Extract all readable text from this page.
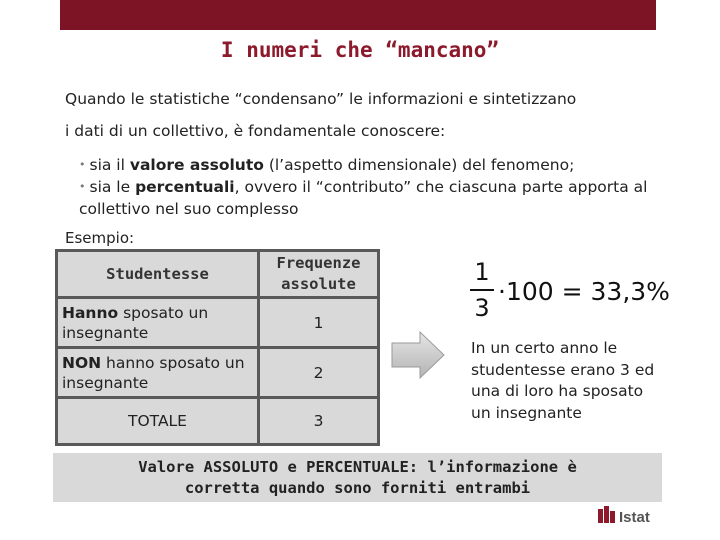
I numeri che “mancano”
Quando le statistiche “condensano” le informazioni e sintetizzano
i dati di un collettivo, è fondamentale conoscere:
• sia il valore assoluto (l’aspetto dimensionale) del fenomeno;
• sia le percentuali, ovvero il “contributo” che ciascuna parte apporta al collettivo nel suo complesso
Esempio:
Studentesse	Frequenze
assolute
Hanno sposato un insegnante	1
NON hanno sposato un insegnante	2
TOTALE	3
1
3
·100 = 33,3%
In un certo anno le studentesse erano 3 ed una di loro ha sposato un insegnante
Valore ASSOLUTO e PERCENTUALE: l’informazione è
corretta quando sono forniti entrambi
Istat
